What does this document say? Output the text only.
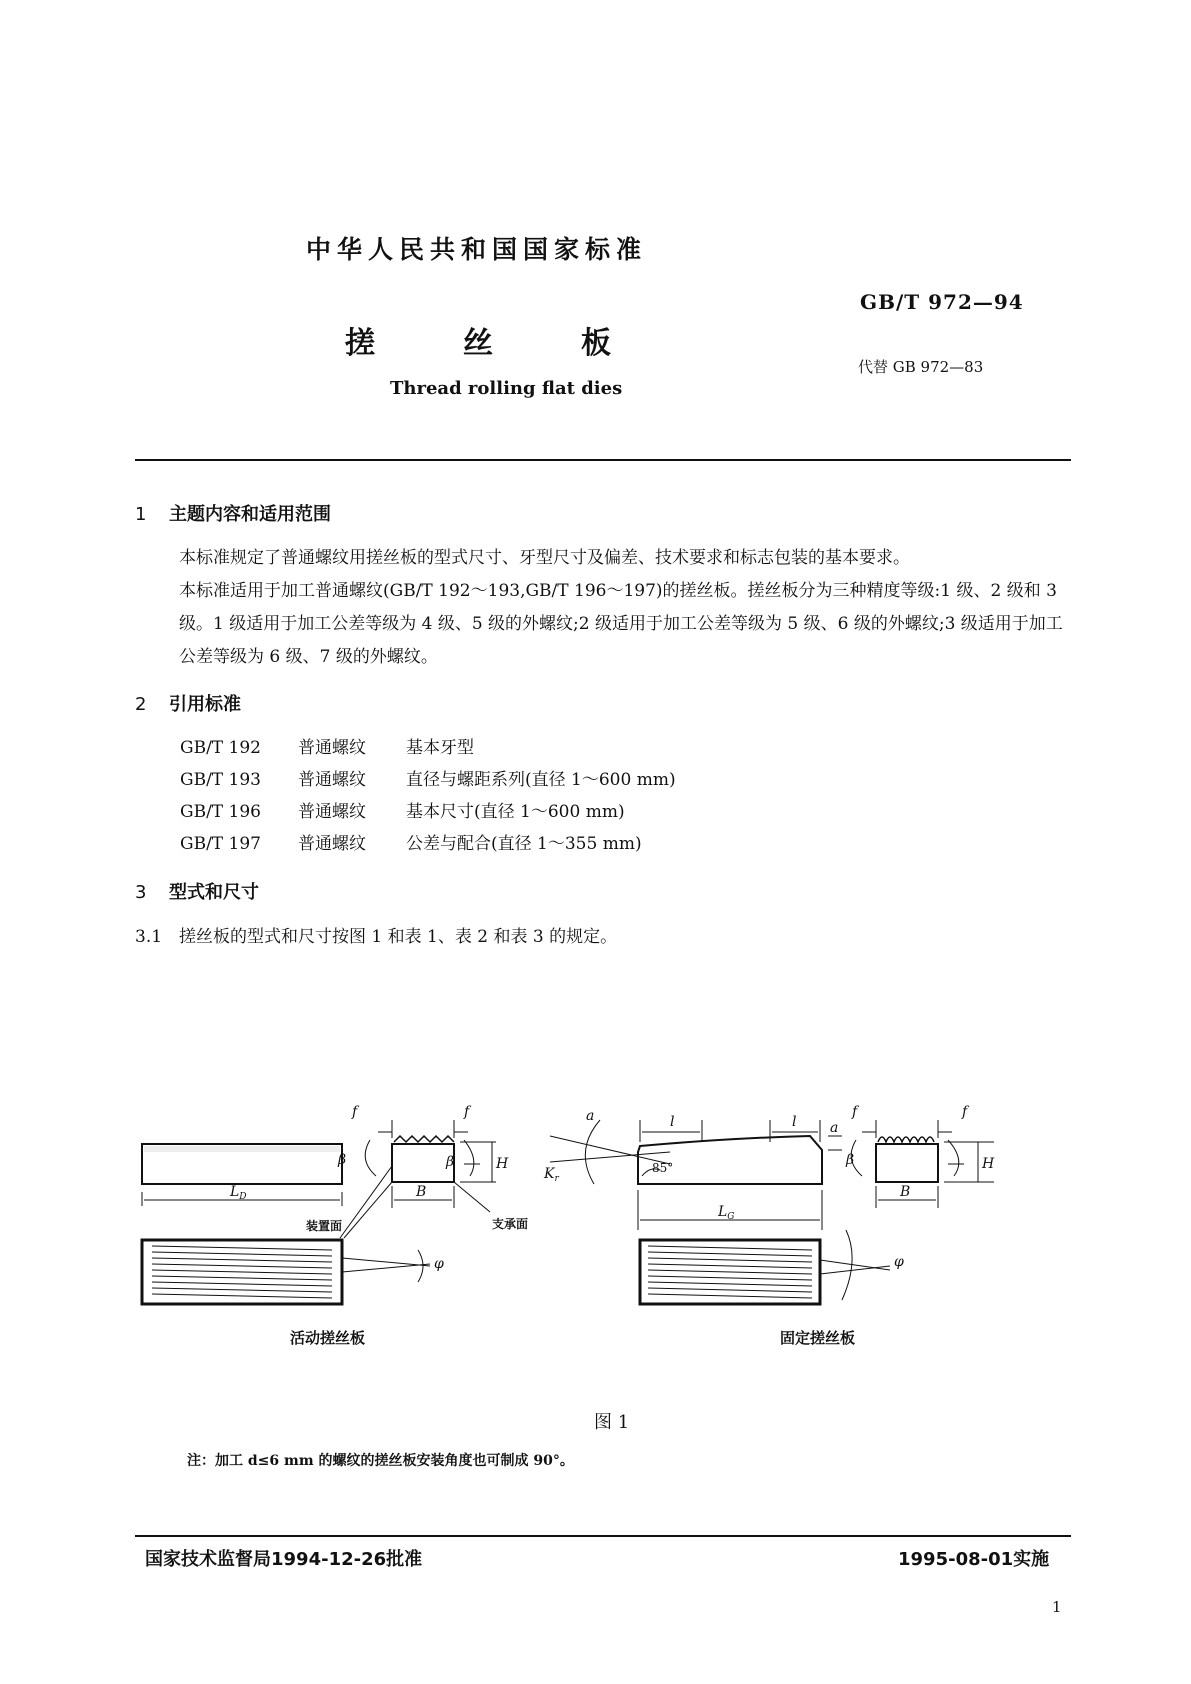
中华人民共和国国家标准
GB/T 972—94
搓	丝	板
代替 GB 972—83
Thread rolling flat dies
1 主题内容和适用范围
本标准规定了普通螺纹用搓丝板的型式尺寸、牙型尺寸及偏差、技术要求和标志包装的基本要求。
本标准适用于加工普通螺纹(GB/T 192～193,GB/T 196～197)的搓丝板。搓丝板分为三种精度等级:1 级、2 级和 3 级。1 级适用于加工公差等级为 4 级、5 级的外螺纹;2 级适用于加工公差等级为 5 级、6 级的外螺纹;3 级适用于加工公差等级为 6 级、7 级的外螺纹。
2 引用标准
GB/T 192 普通螺纹 基本牙型
GB/T 193 普通螺纹 直径与螺距系列(直径 1～600 mm)
GB/T 196 普通螺纹 基本尺寸(直径 1～600 mm)
GB/T 197 普通螺纹 公差与配合(直径 1～355 mm)
3 型式和尺寸
3.1 搓丝板的型式和尺寸按图 1 和表 1、表 2 和表 3 的规定。
f	f
β	β	H
B
$L_D$
a	l	l a
$K_r$
$L_G$
f	f
β	H
B
φ	φ
85°
装置面	支承面
活动搓丝板	固定搓丝板
图 1
注：加工 d≤6 mm 的螺纹的搓丝板安装角度也可制成 90°。
国家技术监督局1994-12-26批准	1995-08-01实施
1
